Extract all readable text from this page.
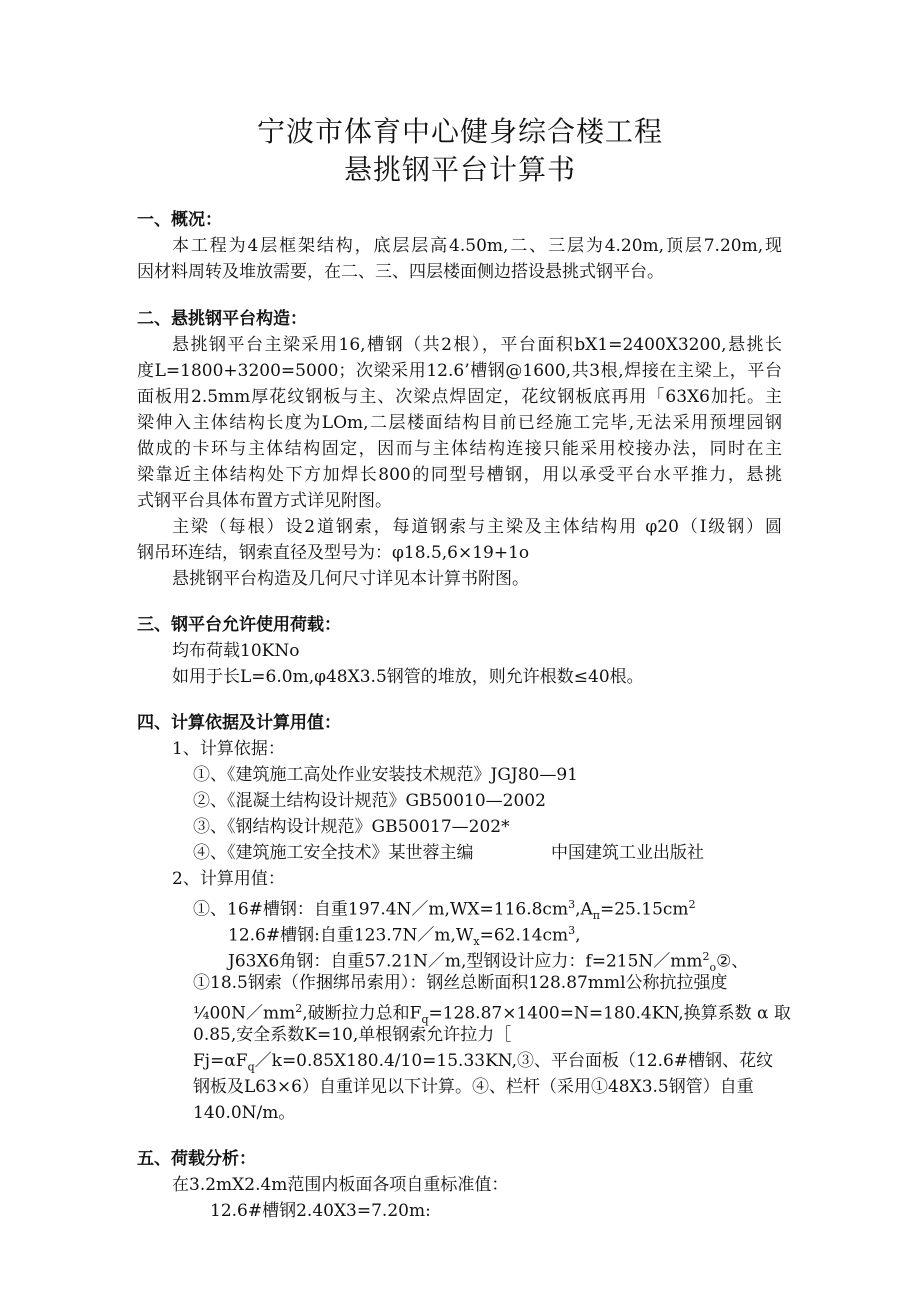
宁波市体育中心健身综合楼工程
悬挑钢平台计算书
一、概况：
本工程为4层框架结构，底层层高4.50m,二、三层为4.20m,顶层7.20m,现
因材料周转及堆放需要，在二、三、四层楼面侧边搭设悬挑式钢平台。
二、悬挑钢平台构造：
悬挑钢平台主梁采用16,槽钢（共2根），平台面积bX1=2400X3200,悬挑长
度L=1800+3200=5000；次梁采用12.6’槽钢@1600,共3根,焊接在主梁上，平台
面板用2.5mm厚花纹钢板与主、次梁点焊固定，花纹钢板底再用「63X6加托。主
梁伸入主体结构长度为LOm,二层楼面结构目前已经施工完毕,无法采用预埋园钢
做成的卡环与主体结构固定，因而与主体结构连接只能采用校接办法，同时在主
梁靠近主体结构处下方加焊长800的同型号槽钢，用以承受平台水平推力，悬挑
式钢平台具体布置方式详见附图。
主梁（每根）设2道钢索，每道钢索与主梁及主体结构用 φ20（I级钢）圆
钢吊环连结，钢索直径及型号为：φ18.5,6×19+1o
悬挑钢平台构造及几何尺寸详见本计算书附图。
三、钢平台允许使用荷载：
均布荷载10KNo
如用于长L=6.0m,φ48X3.5钢管的堆放，则允许根数≤40根。
四、计算依据及计算用值：
1、计算依据：
①、《建筑施工高处作业安装技术规范》JGJ80—91
②、《混凝土结构设计规范》GB50010—2002
③、《钢结构设计规范》GB50017—202*
④、《建筑施工安全技术》某世蓉主编	中国建筑工业出版社
2、计算用值：
①、16#槽钢：自重$197.4N/m,WX=116.8cm^3,A_\pi=25.15cm^2$
12.6#槽钢:自重$123.7N/m,W_x=62.14cm^3$,
J63X6角钢：自重57.21N／m,型钢设计应力：$f=215N/mm^2_o②$、
①18.5钢索（作捆绑吊索用）：钢丝总断面积128.87mml公称抗拉强度
$\frac{1}{4}00N/mm^2$,破断拉力总和$F_q=128.87\times 1400=N=180.4KN$,换算系数 α 取
0.85,安全系数K=10,单根钢索允许拉力［
$Fj=\alpha F_q/k=0.85X180.4/10=15.33KN,③$、平台面板（12.6#槽钢、花纹
钢板及L63×6）自重详见以下计算。④、栏杆（采用①48X3.5钢管）自重
140.0N/m。
五、荷载分析：
在3.2mX2.4m范围内板面各项自重标准值：
12.6#槽钢2.40X3=7.20m:
